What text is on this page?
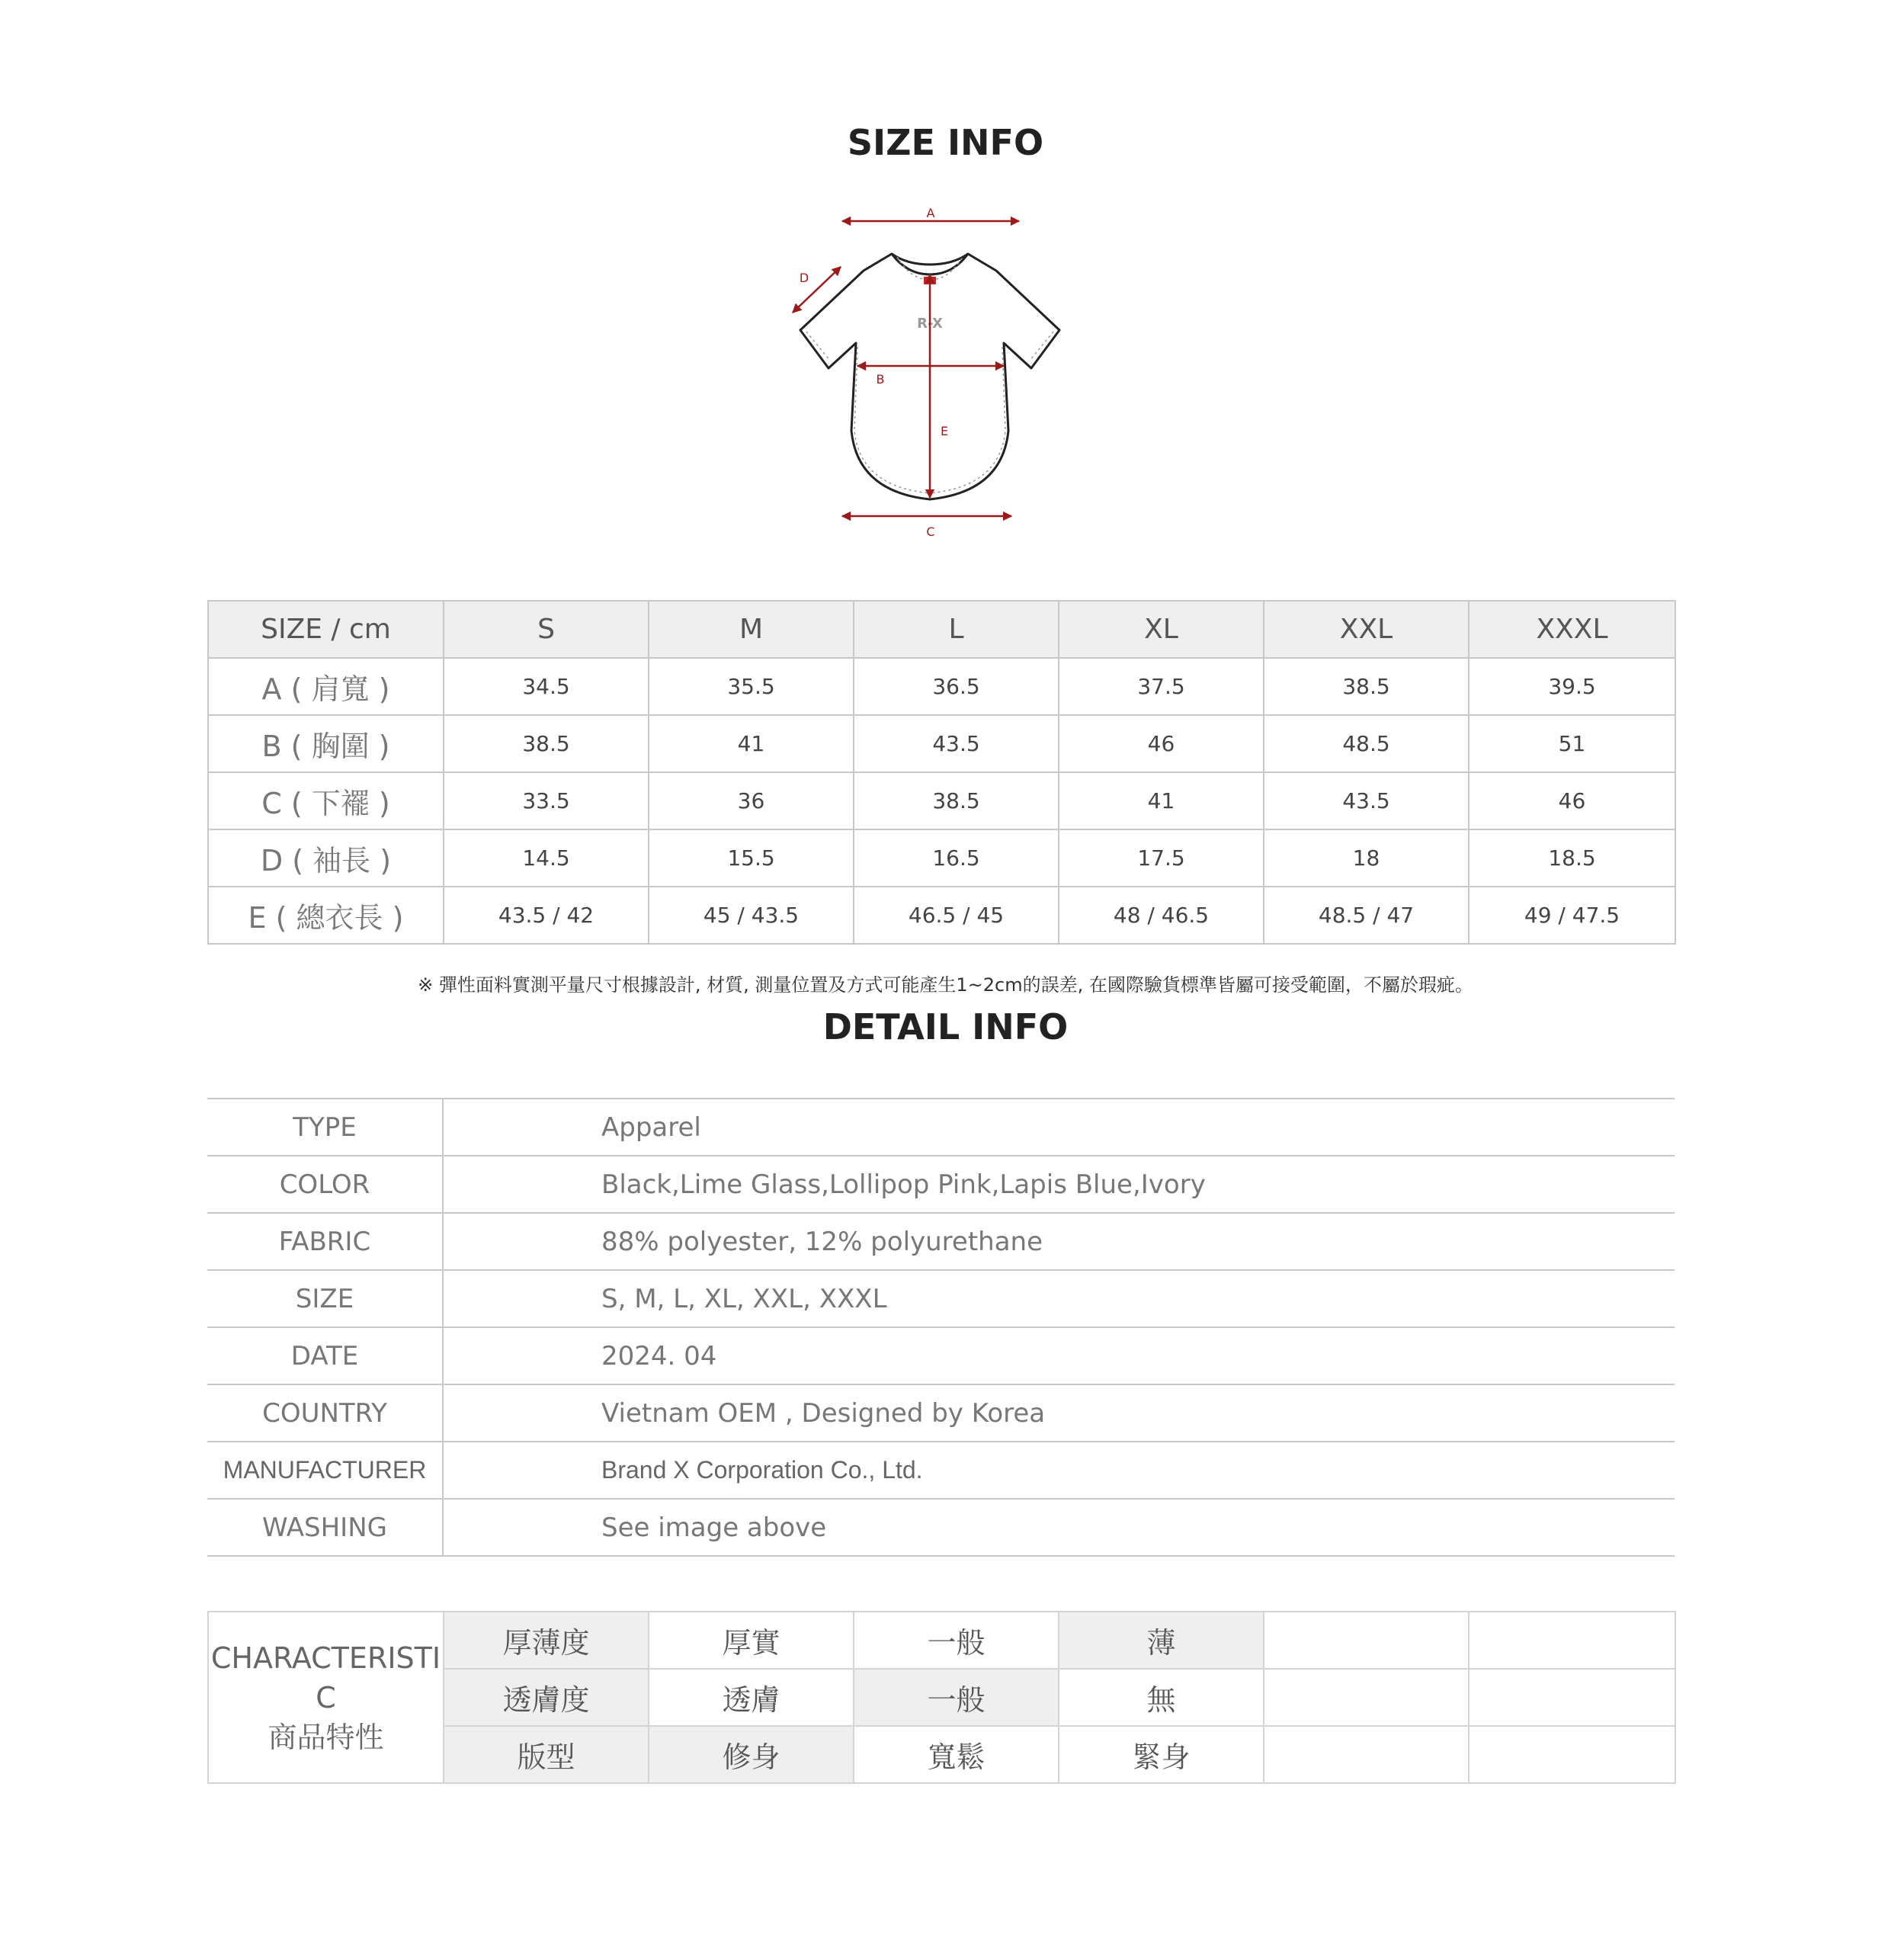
SIZE INFO
R-X
A
D
B
E
C
SIZE / cm	S	M	L	XL	XXL	XXXL
A ( 肩寬 )	34.5	35.5	36.5	37.5	38.5	39.5
B ( 胸圍 )	38.5	41	43.5	46	48.5	51
C ( 下襬 )	33.5	36	38.5	41	43.5	46
D ( 袖長 )	14.5	15.5	16.5	17.5	18	18.5
E ( 總衣長 )	43.5 / 42	45 / 43.5	46.5 / 45	48 / 46.5	48.5 / 47	49 / 47.5
※ 彈性面料實測平量尺寸根據設計, 材質, 測量位置及方式可能產生1~2cm的誤差, 在國際驗貨標準皆屬可接受範圍，不屬於瑕疵。
DETAIL INFO
TYPE	Apparel
COLOR	Black,Lime Glass,Lollipop Pink,Lapis Blue,Ivory
FABRIC	88% polyester, 12% polyurethane
SIZE	S, M, L, XL, XXL, XXXL
DATE	2024. 04
COUNTRY	Vietnam OEM , Designed by Korea
MANUFACTURER	Brand X Corporation Co., Ltd.
WASHING	See image above
CHARACTERISTI
C
商品特性	厚薄度	厚實	一般	薄		
	透膚度	透膚	一般	無		
	版型	修身	寬鬆	緊身		
